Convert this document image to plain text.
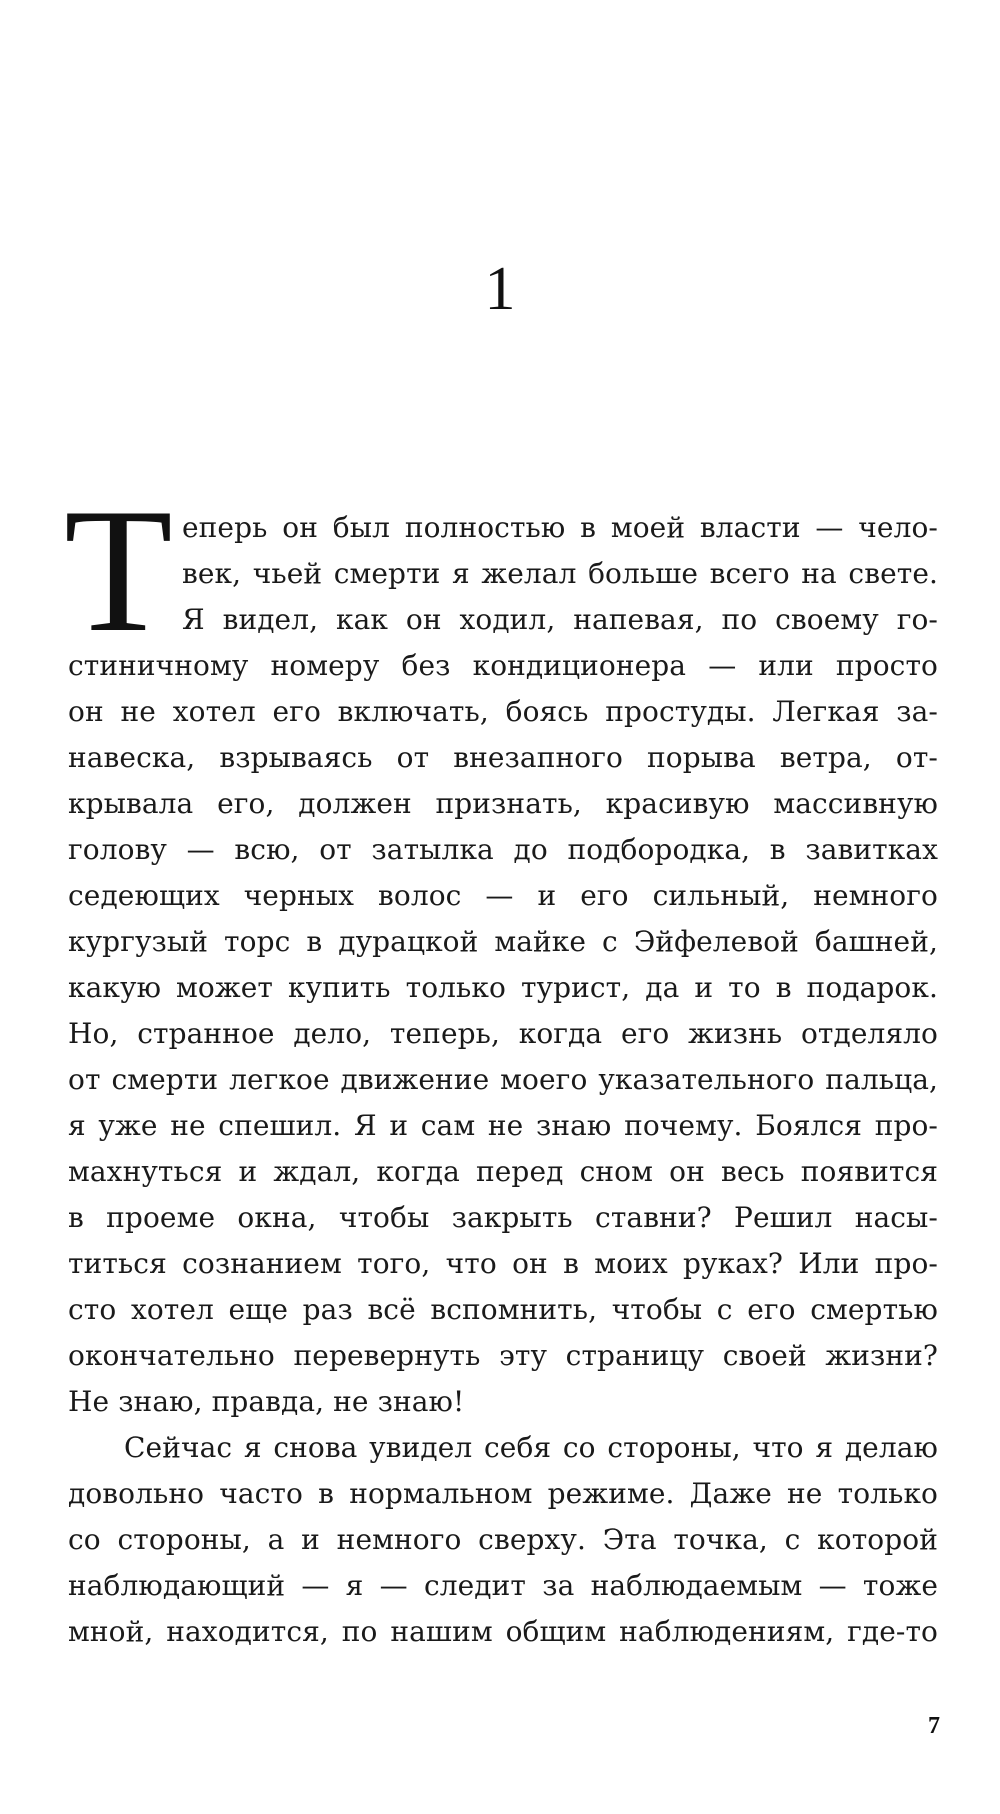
1
Т еперь он был полностью в моей власти — чело-
век, чьей смерти я желал больше всего на свете.
Я видел, как он ходил, напевая, по своему го-
стиничному номеру без кондиционера — или просто
он не хотел его включать, боясь простуды. Легкая за-
навеска, взрываясь от внезапного порыва ветра, от-
крывала его, должен признать, красивую массивную
голову — всю, от затылка до подбородка, в завитках
седеющих черных волос — и его сильный, немного
кургузый торс в дурацкой майке с Эйфелевой башней,
какую может купить только турист, да и то в подарок.
Но, странное дело, теперь, когда его жизнь отделяло
от смерти легкое движение моего указательного пальца,
я уже не спешил. Я и сам не знаю почему. Боялся про-
махнуться и ждал, когда перед сном он весь появится
в проеме окна, чтобы закрыть ставни? Решил насы-
титься сознанием того, что он в моих руках? Или про-
сто хотел еще раз всё вспомнить, чтобы с его смертью
окончательно перевернуть эту страницу своей жизни?
Не знаю, правда, не знаю!
Сейчас я снова увидел себя со стороны, что я делаю
довольно часто в нормальном режиме. Даже не только
со стороны, а и немного сверху. Эта точка, с которой
наблюдающий — я — следит за наблюдаемым — тоже
мной, находится, по нашим общим наблюдениям, где-то
7
